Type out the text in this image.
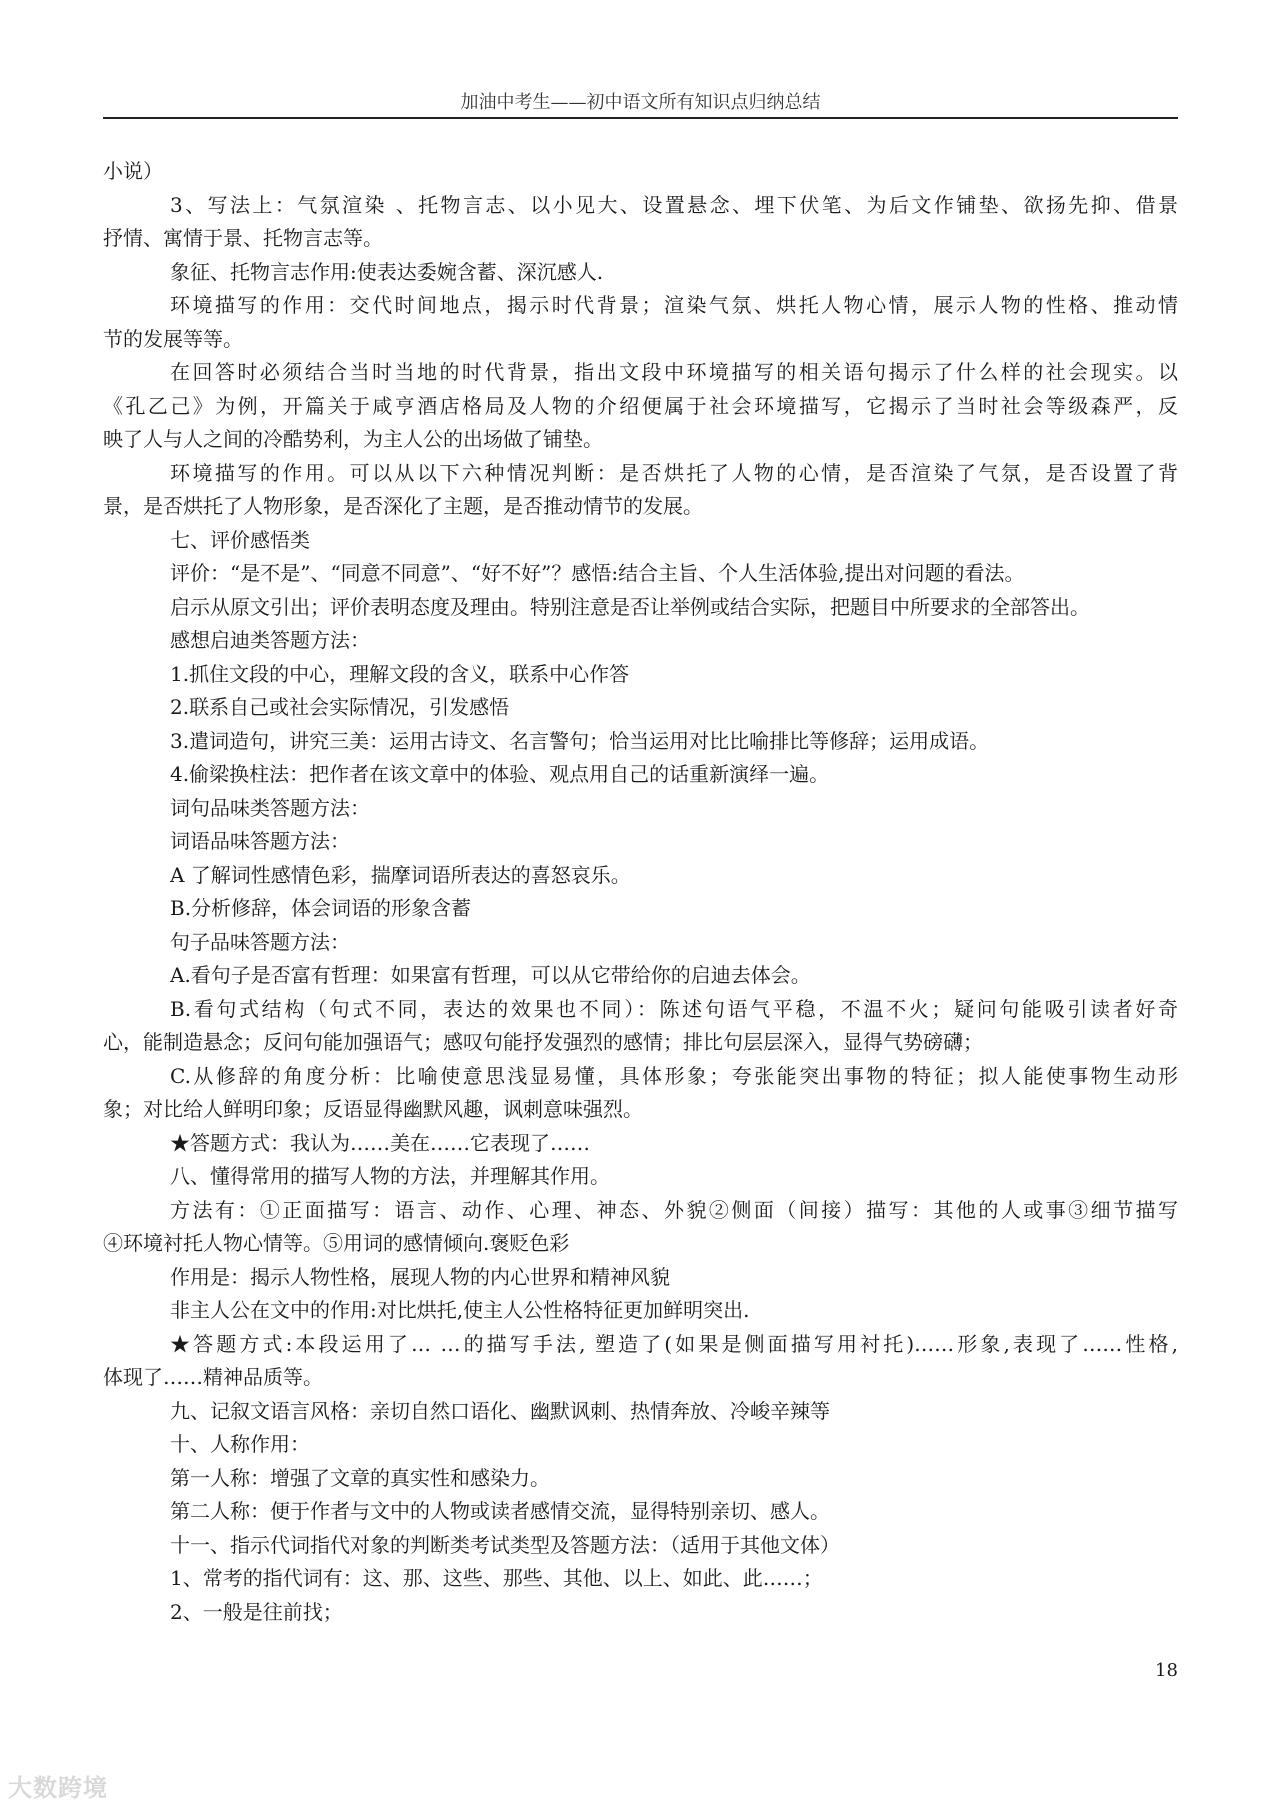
加油中考生——初中语文所有知识点归纳总结
小说）
3、写法上：气氛渲染 、托物言志、以小见大、设置悬念、埋下伏笔、为后文作铺垫、欲扬先抑、借景
抒情、寓情于景、托物言志等。
象征、托物言志作用:使表达委婉含蓄、深沉感人.
环境描写的作用：交代时间地点，揭示时代背景；渲染气氛、烘托人物心情，展示人物的性格、推动情
节的发展等等。
在回答时必须结合当时当地的时代背景，指出文段中环境描写的相关语句揭示了什么样的社会现实。以
《孔乙己》为例，开篇关于咸亨酒店格局及人物的介绍便属于社会环境描写，它揭示了当时社会等级森严，反
映了人与人之间的冷酷势利，为主人公的出场做了铺垫。
环境描写的作用。可以从以下六种情况判断：是否烘托了人物的心情，是否渲染了气氛，是否设置了背
景，是否烘托了人物形象，是否深化了主题，是否推动情节的发展。
七、评价感悟类
评价：“是不是”、“同意不同意”、“好不好”？感悟:结合主旨、个人生活体验,提出对问题的看法。
启示从原文引出；评价表明态度及理由。特别注意是否让举例或结合实际，把题目中所要求的全部答出。
感想启迪类答题方法：
1.抓住文段的中心，理解文段的含义，联系中心作答
2.联系自己或社会实际情况，引发感悟
3.遣词造句，讲究三美：运用古诗文、名言警句；恰当运用对比比喻排比等修辞；运用成语。
4.偷梁换柱法：把作者在该文章中的体验、观点用自己的话重新演绎一遍。
词句品味类答题方法：
词语品味答题方法：
A 了解词性感情色彩，揣摩词语所表达的喜怒哀乐。
B.分析修辞，体会词语的形象含蓄
句子品味答题方法：
A.看句子是否富有哲理：如果富有哲理，可以从它带给你的启迪去体会。
B.看句式结构（句式不同，表达的效果也不同）：陈述句语气平稳，不温不火；疑问句能吸引读者好奇
心，能制造悬念；反问句能加强语气；感叹句能抒发强烈的感情；排比句层层深入，显得气势磅礴；
C.从修辞的角度分析：比喻使意思浅显易懂，具体形象；夸张能突出事物的特征；拟人能使事物生动形
象；对比给人鲜明印象；反语显得幽默风趣，讽刺意味强烈。
★答题方式：我认为……美在……它表现了……
八、懂得常用的描写人物的方法，并理解其作用。
方法有：①正面描写：语言、动作、心理、神态、外貌②侧面（间接）描写：其他的人或事③细节描写
④环境衬托人物心情等。⑤用词的感情倾向.褒贬色彩
作用是：揭示人物性格，展现人物的内心世界和精神风貌
非主人公在文中的作用:对比烘托,使主人公性格特征更加鲜明突出.
★答题方式:本段运用了… …的描写手法, 塑造了(如果是侧面描写用衬托)……形象,表现了……性格,
体现了……精神品质等。
九、记叙文语言风格：亲切自然口语化、幽默讽刺、热情奔放、冷峻辛辣等
十、人称作用：
第一人称：增强了文章的真实性和感染力。
第二人称：便于作者与文中的人物或读者感情交流，显得特别亲切、感人。
十一、指示代词指代对象的判断类考试类型及答题方法：（适用于其他文体）
1、常考的指代词有：这、那、这些、那些、其他、以上、如此、此……；
2、一般是往前找；
18
大数跨境
